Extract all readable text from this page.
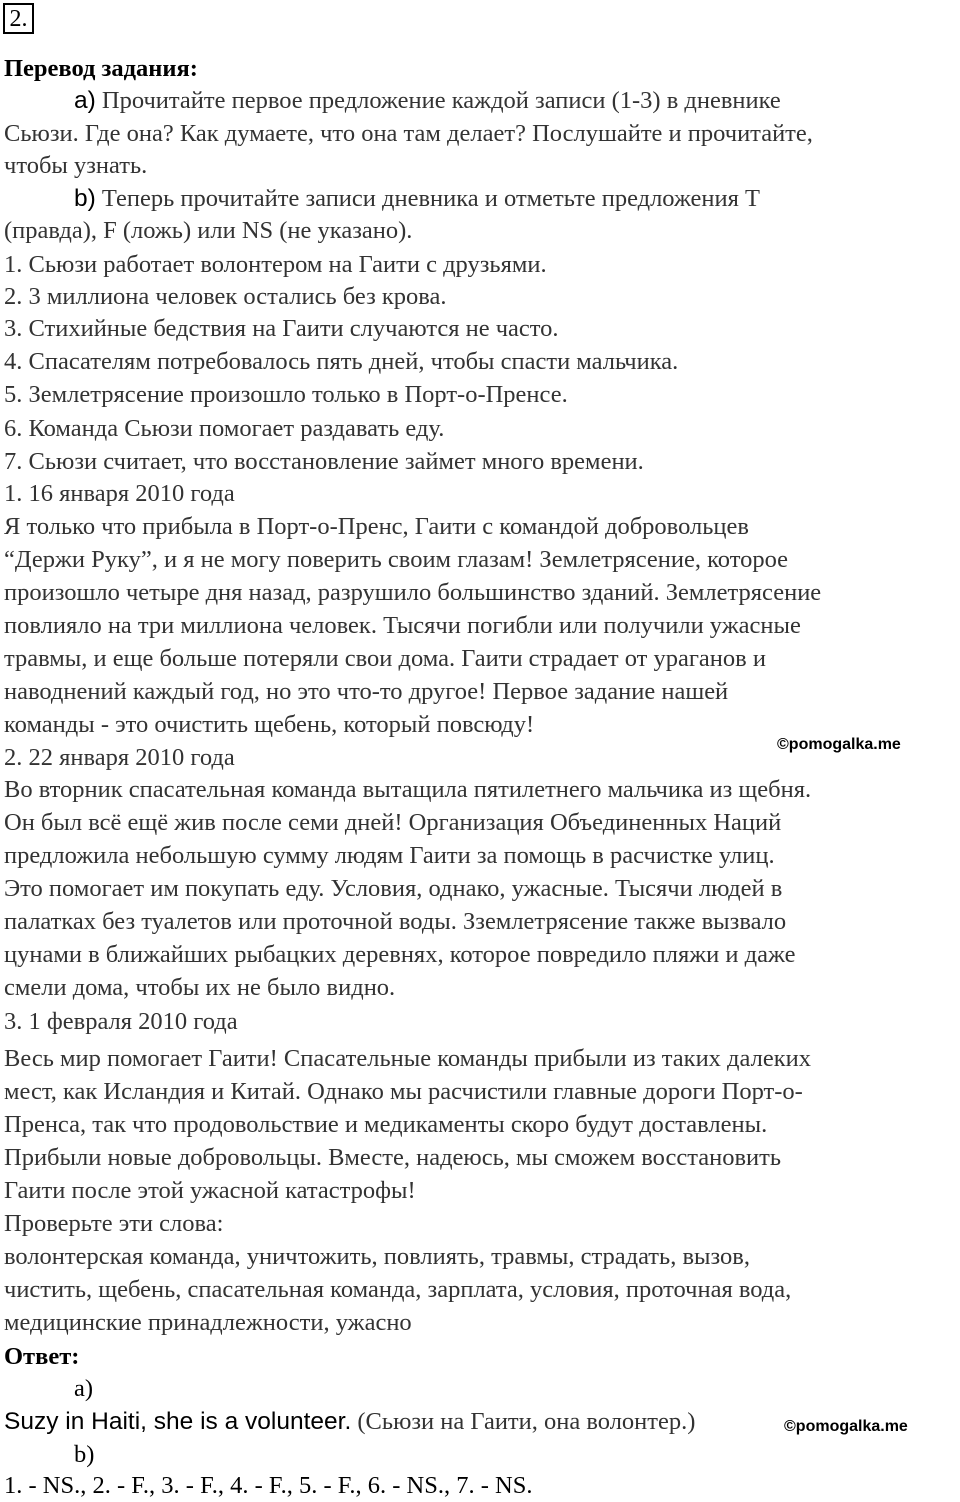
2.

Перевод задания:

a) Прочитайте первое предложение каждой записи (1-3) в дневнике

Сьюзи. Где она? Как думаете, что она там делает? Послушайте и прочитайте,

чтобы узнать.

b) Теперь прочитайте записи дневника и отметьте предложения T

(правда), F (ложь) или NS (не указано).

1. Сьюзи работает волонтером на Гаити с друзьями.

2. 3 миллиона человек остались без крова.

3. Стихийные бедствия на Гаити случаются не часто.

4. Спасателям потребовалось пять дней, чтобы спасти мальчика.

5. Землетрясение произошло только в Порт-о-Пренсе.

6. Команда Сьюзи помогает раздавать еду.

7. Сьюзи считает, что восстановление займет много времени.

1. 16 января 2010 года

Я только что прибыла в Порт-о-Пренс, Гаити с командой добровольцев

“Держи Руку”, и я не могу поверить своим глазам! Землетрясение, которое

произошло четыре дня назад, разрушило большинство зданий. Землетрясение

повлияло на три миллиона человек. Тысячи погибли или получили ужасные

травмы, и еще больше потеряли свои дома. Гаити страдает от ураганов и

наводнений каждый год, но это что-то другое! Первое задание нашей

команды - это очистить щебень, который повсюду!

2. 22 января 2010 года	©pomogalka.me

Во вторник спасательная команда вытащила пятилетнего мальчика из щебня.

Он был всё ещё жив после семи дней! Организация Объединенных Наций

предложила небольшую сумму людям Гаити за помощь в расчистке улиц.

Это помогает им покупать еду. Условия, однако, ужасные. Тысячи людей в

палатках без туалетов или проточной воды. Зземлетрясение также вызвало

цунами в ближайших рыбацких деревнях, которое повредило пляжи и даже

смели дома, чтобы их не было видно.

3. 1 февраля 2010 года

Весь мир помогает Гаити! Спасательные команды прибыли из таких далеких

мест, как Исландия и Китай. Однако мы расчистили главные дороги Порт-о-

Пренса, так что продовольствие и медикаменты скоро будут доставлены.

Прибыли новые добровольцы. Вместе, надеюсь, мы сможем восстановить

Гаити после этой ужасной катастрофы!

Проверьте эти слова:

волонтерская команда, уничтожить, повлиять, травмы, страдать, вызов,

чистить, щебень, спасательная команда, зарплата, условия, проточная вода,

медицинские принадлежности, ужасно

Ответ:

a)

Suzy in Haiti, she is a volunteer. (Сьюзи на Гаити, она волонтер.)	©pomogalka.me

b)

1. - NS., 2. - F., 3. - F., 4. - F., 5. - F., 6. - NS., 7. - NS.
